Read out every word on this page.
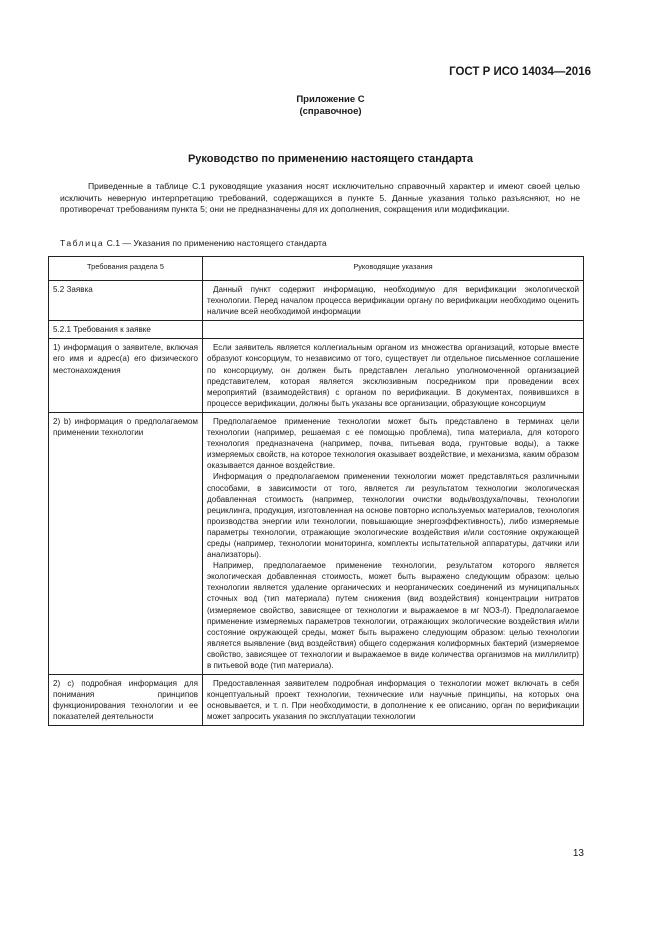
ГОСТ Р ИСО 14034—2016
Приложение С
(справочное)
Руководство по применению настоящего стандарта

Приведенные в таблице С.1 руководящие указания носят исключительно справочный характер и имеют своей целью исключить неверную интерпретацию требований, содержащихся в пункте 5. Данные указания только разъясняют, но не противоречат требованиям пункта 5; они не предназначены для их дополнения, сокращения или модификации.

Таблица С.1 — Указания по применению настоящего стандарта
Требования раздела 5	Руководящие указания
5.2 Заявка	Данный пункт содержит информацию, необходимую для верификации экологической технологии. Перед началом процесса верификации органу по верификации необходимо оценить наличие всей необходимой информации

5.2.1 Требования к заявке	
1) информация о заявителе, включая его имя и адрес(а) его физического местонахождения	Если заявитель является коллегиальным органом из множества организаций, которые вместе образуют консорциум, то независимо от того, существует ли отдельное письменное соглашение по консорциуму, он должен быть представлен легально уполномоченной организацией представителем, которая является эксклюзивным посредником при проведении всех мероприятий (взаимодействия) с органом по верификации. В документах, появившихся в процессе верификации, должны быть указаны все организации, образующие консорциум

2) b) информация о предполагаемом применении технологии	Предполагаемое применение технологии может быть представлено в терминах цели технологии (например, решаемая с ее помощью проблема), типа материала, для которого технология предназначена (например, почва, питьевая вода, грунтовые воды), а также измеряемых свойств, на которое технология оказывает воздействие, и механизма, каким образом оказывается данное воздействие.
Информация о предполагаемом применении технологии может представляться различными способами, в зависимости от того, является ли результатом технологии экологическая добавленная стоимость (например, технологии очистки воды/воздуха/почвы, технологии рециклинга, продукция, изготовленная на основе повторно используемых материалов, технология производства энергии или технологии, повышающие энергоэффективность), либо измеряемые параметры технологии, отражающие экологические воздействия и/или состояние окружающей среды (например, технологии мониторинга, комплекты испытательной аппаратуры, датчики или анализаторы).
Например, предполагаемое применение технологии, результатом которого является экологическая добавленная стоимость, может быть выражено следующим образом: целью технологии является удаление органических и неорганических соединений из муниципальных сточных вод (тип материала) путем снижения (вид воздействия) концентрации нитратов (измеряемое свойство, зависящее от технологии и выражаемое в мг NO3-/l). Предполагаемое применение измеряемых параметров технологии, отражающих экологические воздействия и/или состояние окружающей среды, может быть выражено следующим образом: целью технологии является выявление (вид воздействия) общего содержания колиформных бактерий (измеряемое свойство, зависящее от технологии и выражаемое в виде количества организмов на миллилитр) в питьевой воде (тип материала).

2) с) подробная информация для понимания принципов функционирования технологии и ее показателей деятельности	Предоставленная заявителем подробная информация о технологии может включать в себя концептуальный проект технологии, технические или научные принципы, на которых она основывается, и т. п. При необходимости, в дополнение к ее описанию, орган по верификации может запросить указания по эксплуатации технологии
13
